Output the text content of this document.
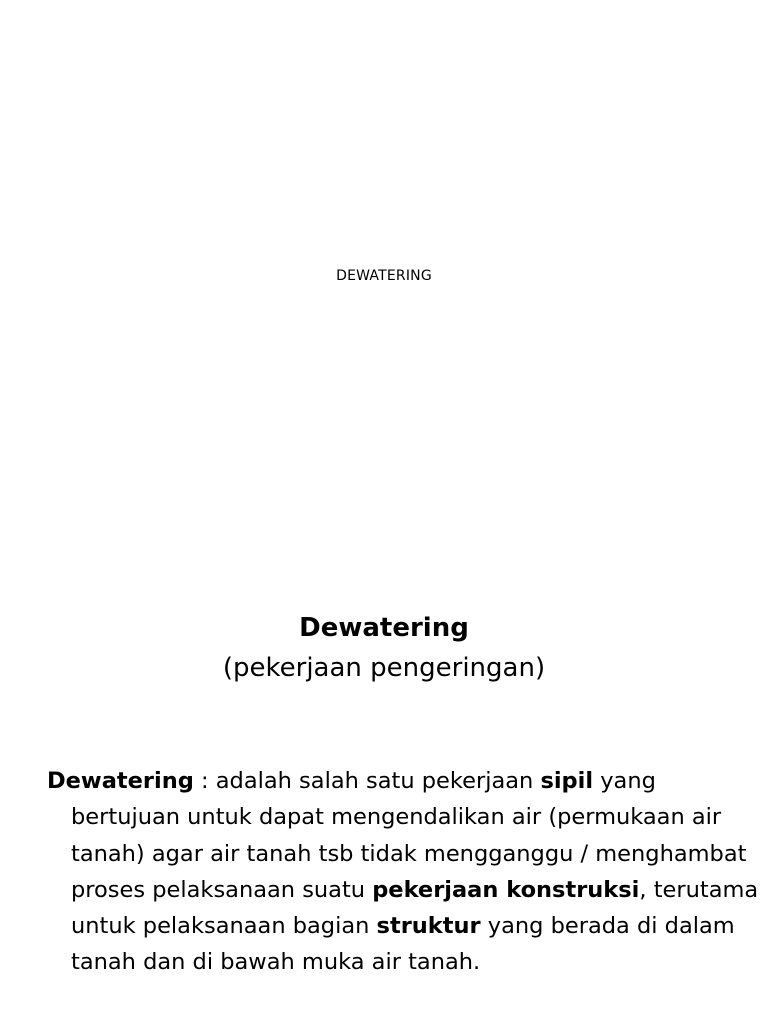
DEWATERING
Dewatering
(pekerjaan pengeringan)

Dewatering : adalah salah satu pekerjaan sipil yang bertujuan untuk dapat mengendalikan air (permukaan air tanah) agar air tanah tsb tidak mengganggu / menghambat proses pelaksanaan suatu pekerjaan konstruksi, terutama untuk pelaksanaan bagian struktur yang berada di dalam tanah dan di bawah muka air tanah.
